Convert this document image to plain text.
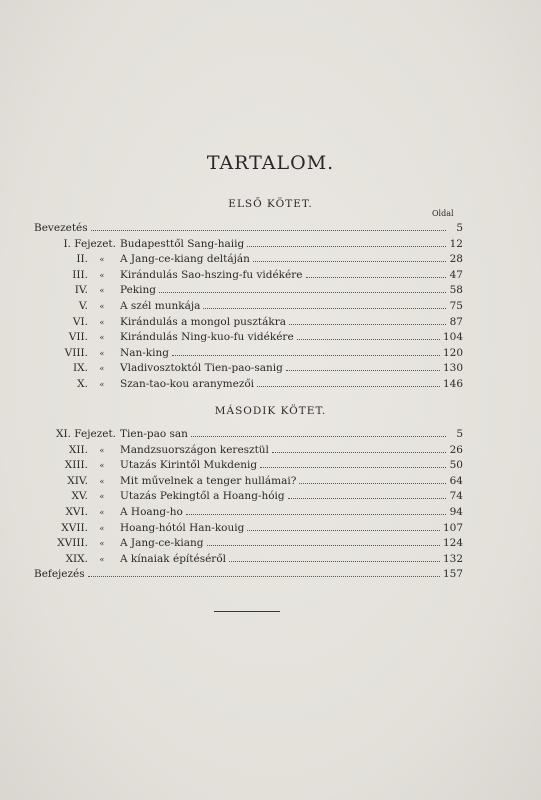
TARTALOM.
ELSŐ KÖTET.
Oldal
Bevezetés	5
I. Fejezet. Budapesttől Sang-haiig	12
II.	«	A Jang-ce-kiang deltáján	28
III.	«	Kirándulás Sao-hszing-fu vidékére	47
IV.	«	Peking	58
V.	«	A szél munkája	75
VI.	«	Kirándulás a mongol pusztákra	87
VII.	«	Kirándulás Ning-kuo-fu vidékére	104
VIII.	«	Nan-king	120
IX.	«	Vladivosztoktól Tien-pao-sanig	130
X.	«	Szan-tao-kou aranymezői	146
MÁSODIK KÖTET.
XI. Fejezet. Tien-pao san	5
XII.	«	Mandzsuországon keresztül	26
XIII.	«	Utazás Kirintől Mukdenig	50
XIV.	«	Mit művelnek a tenger hullámai?	64
XV.	«	Utazás Pekingtől a Hoang-hóig	74
XVI.	«	A Hoang-ho	94
XVII.	«	Hoang-hótól Han-kouig	107
XVIII.	«	A Jang-ce-kiang	124
XIX.	«	A kínaiak építéséről	132
Befejezés	157
